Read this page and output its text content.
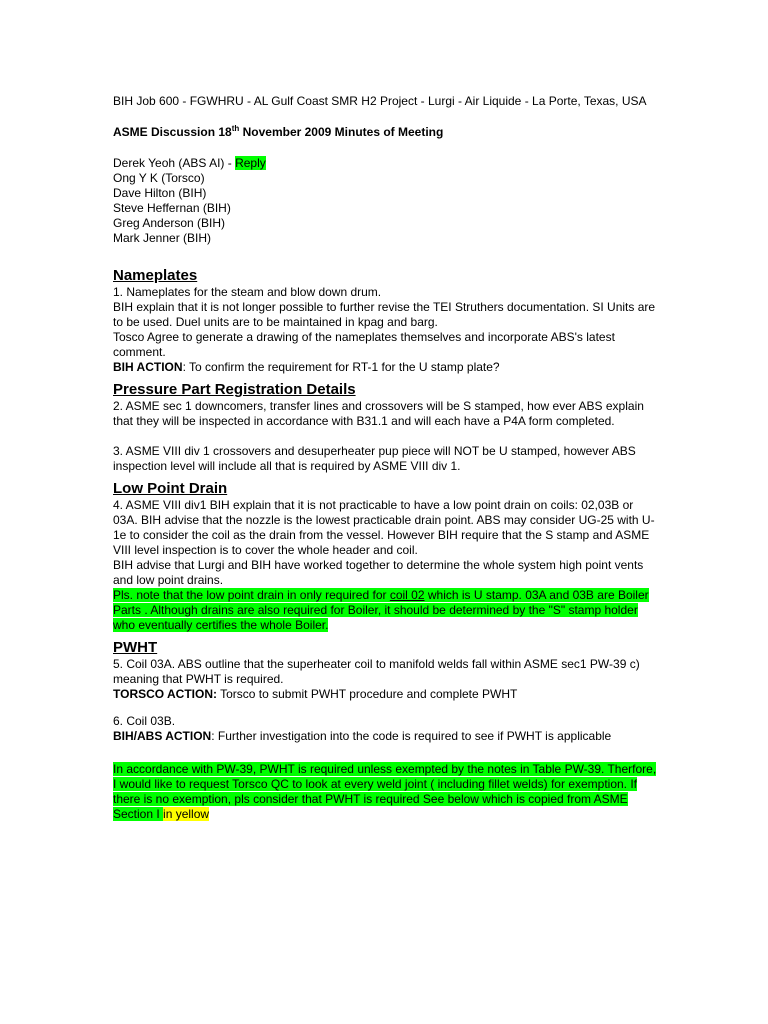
BIH Job 600 - FGWHRU - AL Gulf Coast SMR H2 Project - Lurgi - Air Liquide - La Porte, Texas, USA

ASME Discussion 18th November 2009 Minutes of Meeting

Derek Yeoh (ABS AI) - Reply

Ong Y K (Torsco)

Dave Hilton (BIH)

Steve Heffernan (BIH)

Greg Anderson (BIH)

Mark Jenner (BIH)

Nameplates

1. Nameplates for the steam and blow down drum.

BIH explain that it is not longer possible to further revise the TEI Struthers documentation. SI Units are to be used. Duel units are to be maintained in kpag and barg.

Tosco Agree to generate a drawing of the nameplates themselves and incorporate ABS's latest comment.

BIH ACTION: To confirm the requirement for RT-1 for the U stamp plate?

Pressure Part Registration Details

2. ASME sec 1 downcomers, transfer lines and crossovers will be S stamped, how ever ABS explain that they will be inspected in accordance with B31.1 and will each have a P4A form completed.

3. ASME VIII div 1 crossovers and desuperheater pup piece will NOT be U stamped, however ABS inspection level will include all that is required by ASME VIII div 1.

Low Point Drain

4. ASME VIII div1 BIH explain that it is not practicable to have a low point drain on coils: 02,03B or 03A. BIH advise that the nozzle is the lowest practicable drain point. ABS may consider UG-25 with U-1e to consider the coil as the drain from the vessel. However BIH require that the S stamp and ASME VIII level inspection is to cover the whole header and coil.

BIH advise that Lurgi and BIH have worked together to determine the whole system high point vents and low point drains.

Pls. note that the low point drain in only required for coil 02 which is U stamp. 03A and 03B are Boiler Parts . Although drains are also required for Boiler, it should be determined by the "S" stamp holder who eventually certifies the whole Boiler.

PWHT

5. Coil 03A. ABS outline that the superheater coil to manifold welds fall within ASME sec1 PW-39 c) meaning that PWHT is required.

TORSCO ACTION: Torsco to submit PWHT procedure and complete PWHT

6. Coil 03B.

BIH/ABS ACTION: Further investigation into the code is required to see if PWHT is applicable

In accordance with PW-39, PWHT is required unless exempted by the notes in Table PW-39. Therfore, I would like to request Torsco QC to look at every weld joint ( including fillet welds) for exemption. If there is no exemption, pls consider that PWHT is required See below which is copied from ASME Section I in yellow
